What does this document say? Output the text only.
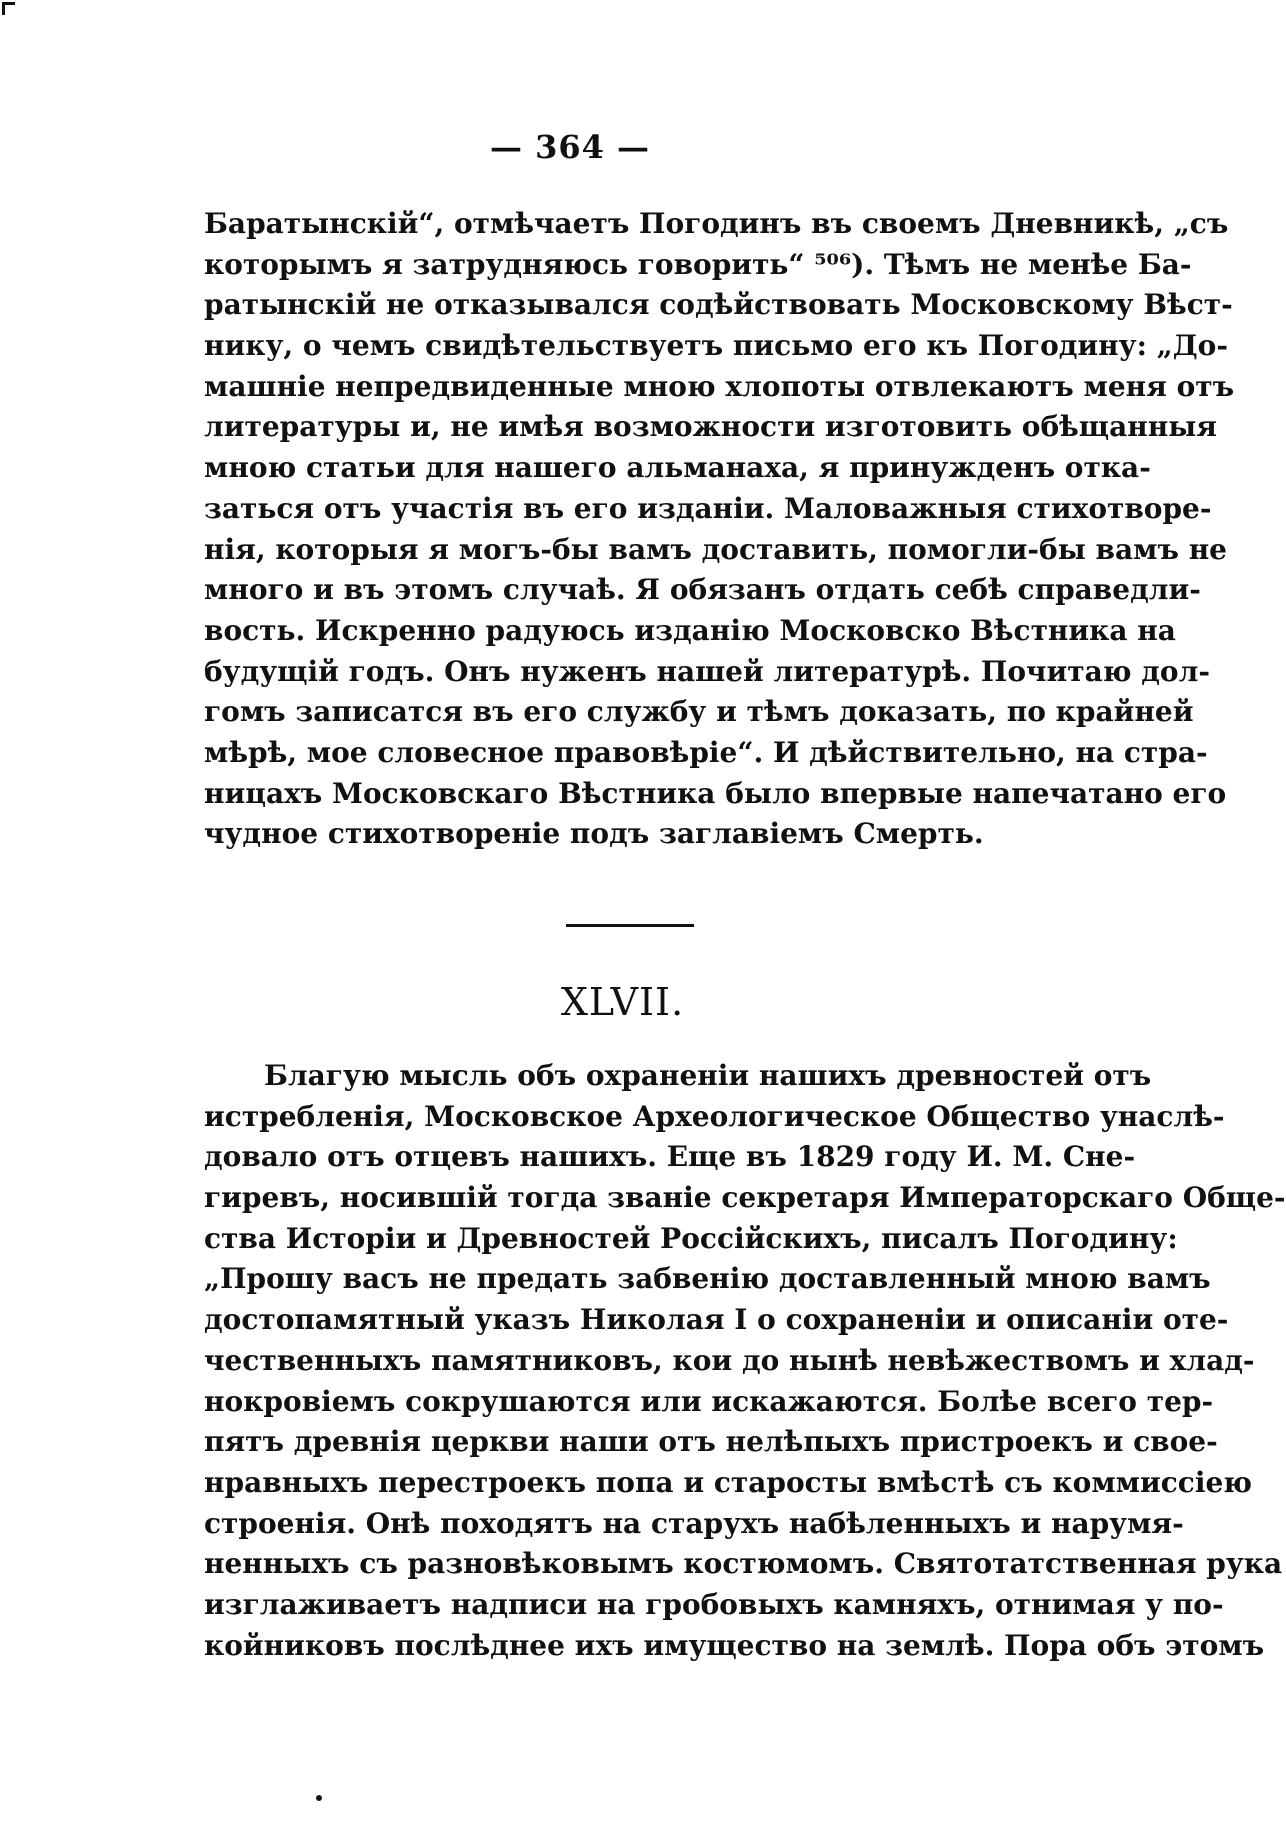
— 364 —
Баратынскій“, отмѣчаетъ Погодинъ въ своемъ Дневникѣ, „съ
которымъ я затрудняюсь говорить“ ⁵⁰⁶). Тѣмъ не менѣе Ба-
ратынскій не отказывался содѣйствовать Московскому Вѣст-
нику, о чемъ свидѣтельствуетъ письмо его къ Погодину: „До-
машніе непредвиденные мною хлопоты отвлекаютъ меня отъ
литературы и, не имѣя возможности изготовить обѣщанныя
мною статьи для нашего альманаха, я принужденъ отка-
заться отъ участія въ его изданіи. Маловажныя стихотворе-
нія, которыя я могъ-бы вамъ доставить, помогли-бы вамъ не
много и въ этомъ случаѣ. Я обязанъ отдать себѣ справедли-
вость. Искренно радуюсь изданію Московско Вѣстника на
будущій годъ. Онъ нуженъ нашей литературѣ. Почитаю дол-
гомъ записатся въ его службу и тѣмъ доказать, по крайней
мѣрѣ, мое словесное правовѣріе“. И дѣйствительно, на стра-
ницахъ Московскаго Вѣстника было впервые напечатано его
чудное стихотвореніе подъ заглавіемъ Смерть.
XLVII.
Благую мысль объ охраненіи нашихъ древностей отъ
истребленія, Московское Археологическое Общество унаслѣ-
довало отъ отцевъ нашихъ. Еще въ 1829 году И. М. Сне-
гиревъ, носившій тогда званіе секретаря Императорскаго Обще-
ства Исторіи и Древностей Россійскихъ, писалъ Погодину:
„Прошу васъ не предать забвенію доставленный мною вамъ
достопамятный указъ Николая I о сохраненіи и описаніи оте-
чественныхъ памятниковъ, кои до нынѣ невѣжествомъ и хлад-
нокровіемъ сокрушаются или искажаются. Болѣе всего тер-
пятъ древнія церкви наши отъ нелѣпыхъ пристроекъ и свое-
нравныхъ перестроекъ попа и старосты вмѣстѣ съ коммиссіею
строенія. Онѣ походятъ на старухъ набѣленныхъ и нарумя-
ненныхъ съ разновѣковымъ костюмомъ. Святотатственная рука
изглаживаетъ надписи на гробовыхъ камняхъ, отнимая у по-
койниковъ послѣднее ихъ имущество на землѣ. Пора объ этомъ
